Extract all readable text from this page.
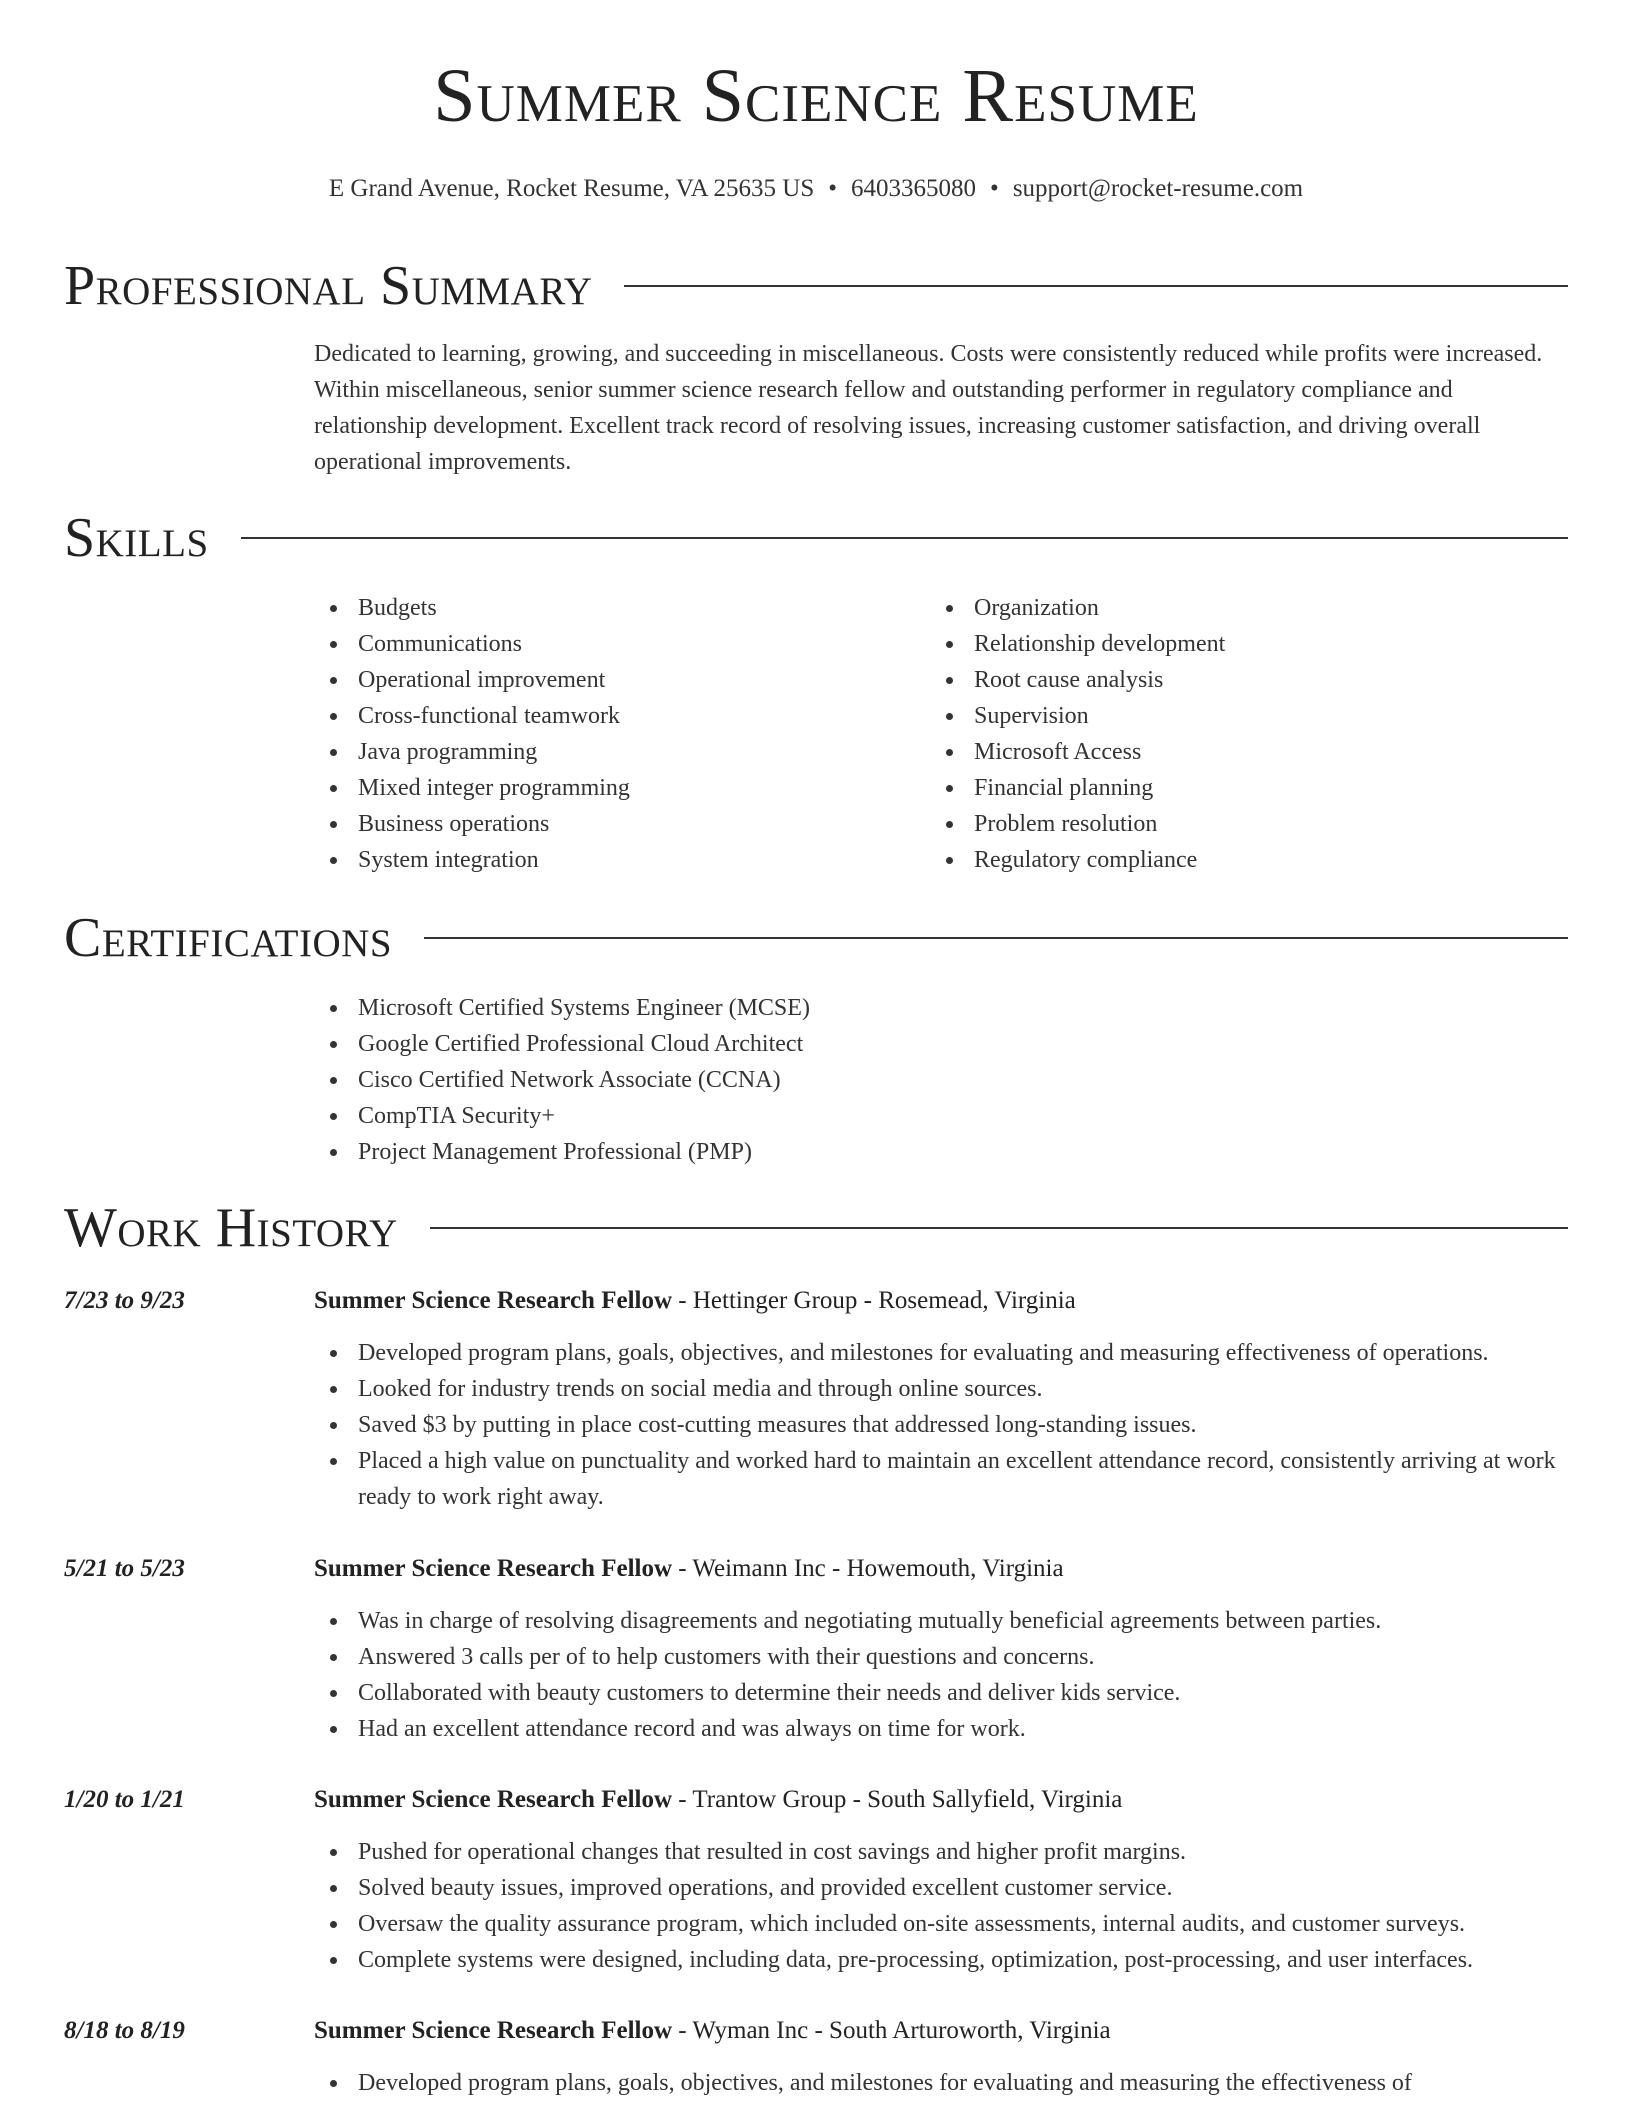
Summer Science Resume
E Grand Avenue, Rocket Resume, VA 25635 US • 6403365080 • support@rocket-resume.com
Professional Summary
Dedicated to learning, growing, and succeeding in miscellaneous. Costs were consistently reduced while profits were increased. Within miscellaneous, senior summer science research fellow and outstanding performer in regulatory compliance and relationship development. Excellent track record of resolving issues, increasing customer satisfaction, and driving overall operational improvements.
Skills
Budgets
Communications
Operational improvement
Cross-functional teamwork
Java programming
Mixed integer programming
Business operations
System integration
Organization
Relationship development
Root cause analysis
Supervision
Microsoft Access
Financial planning
Problem resolution
Regulatory compliance
Certifications
Microsoft Certified Systems Engineer (MCSE)
Google Certified Professional Cloud Architect
Cisco Certified Network Associate (CCNA)
CompTIA Security+
Project Management Professional (PMP)
Work History
7/23 to 9/23	Summer Science Research Fellow - Hettinger Group - Rosemead, Virginia
Developed program plans, goals, objectives, and milestones for evaluating and measuring effectiveness of operations.
Looked for industry trends on social media and through online sources.
Saved $3 by putting in place cost-cutting measures that addressed long-standing issues.
Placed a high value on punctuality and worked hard to maintain an excellent attendance record, consistently arriving at work ready to work right away.
5/21 to 5/23	Summer Science Research Fellow - Weimann Inc - Howemouth, Virginia
Was in charge of resolving disagreements and negotiating mutually beneficial agreements between parties.
Answered 3 calls per of to help customers with their questions and concerns.
Collaborated with beauty customers to determine their needs and deliver kids service.
Had an excellent attendance record and was always on time for work.
1/20 to 1/21	Summer Science Research Fellow - Trantow Group - South Sallyfield, Virginia
Pushed for operational changes that resulted in cost savings and higher profit margins.
Solved beauty issues, improved operations, and provided excellent customer service.
Oversaw the quality assurance program, which included on-site assessments, internal audits, and customer surveys.
Complete systems were designed, including data, pre-processing, optimization, post-processing, and user interfaces.
8/18 to 8/19	Summer Science Research Fellow - Wyman Inc - South Arturoworth, Virginia
Developed program plans, goals, objectives, and milestones for evaluating and measuring the effectiveness of
